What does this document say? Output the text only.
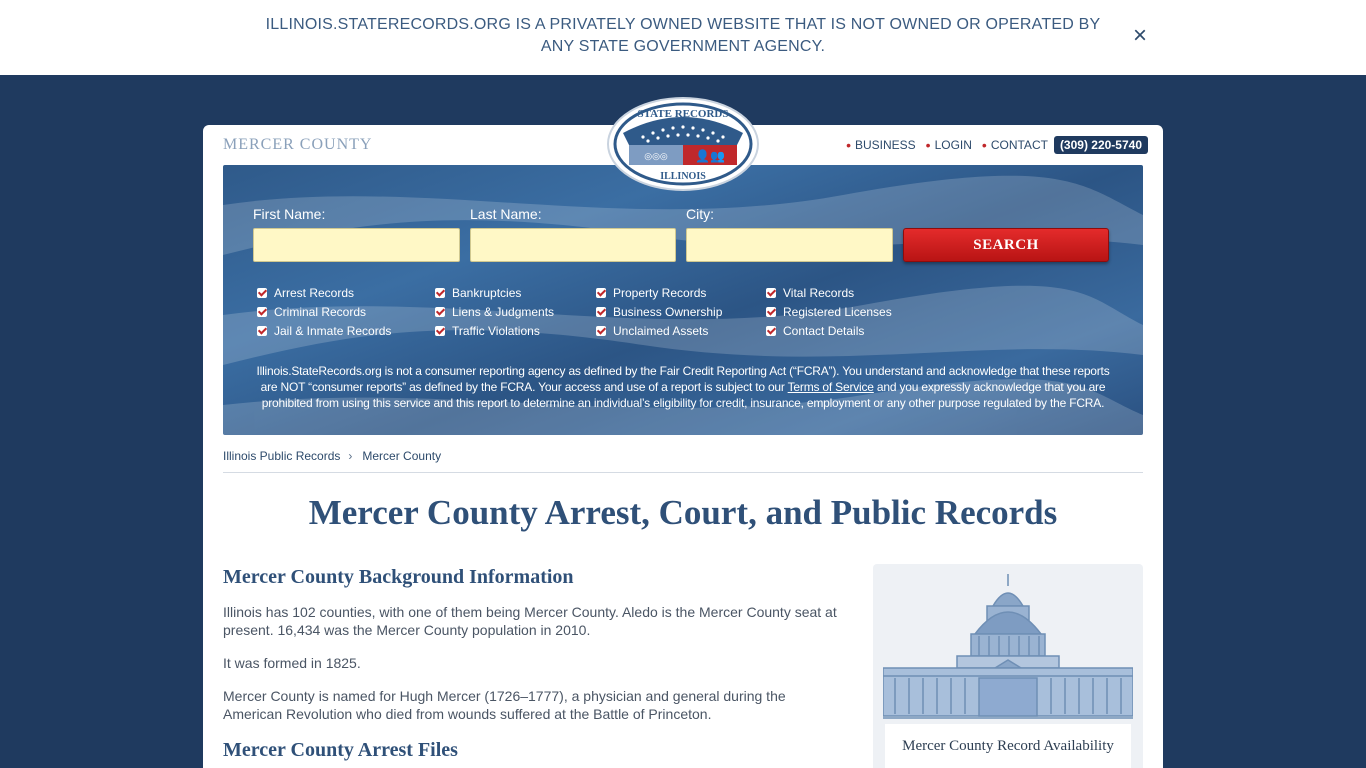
ILLINOIS.STATERECORDS.ORG IS A PRIVATELY OWNED WEBSITE THAT IS NOT OWNED OR OPERATED BY ANY STATE GOVERNMENT AGENCY.	×
MERCER COUNTY	• BUSINESS • LOGIN • CONTACT	(309) 220-5740
First Name:	Last Name:	City:
SEARCH
Arrest Records
Criminal Records
Jail & Inmate Records
Bankruptcies
Liens & Judgments
Traffic Violations
Property Records
Business Ownership
Unclaimed Assets
Vital Records
Registered Licenses
Contact Details
Illinois.StateRecords.org is not a consumer reporting agency as defined by the Fair Credit Reporting Act (“FCRA”). You understand and acknowledge that these reports are NOT “consumer reports” as defined by the FCRA. Your access and use of a report is subject to our Terms of Service and you expressly acknowledge that you are prohibited from using this service and this report to determine an individual’s eligibility for credit, insurance, employment or any other purpose regulated by the FCRA.
Illinois Public Records › Mercer County
Mercer County Arrest, Court, and Public Records
Mercer County Background Information

Illinois has 102 counties, with one of them being Mercer County. Aledo is the Mercer County seat at present. 16,434 was the Mercer County population in 2010.

It was formed in 1825.

Mercer County is named for Hugh Mercer (1726–1777), a physician and general during the American Revolution who died from wounds suffered at the Battle of Princeton.

Mercer County Arrest Files	Mercer County Record Availability
◎◎◎ 👤👥
STATE RECORDS
ILLINOIS
